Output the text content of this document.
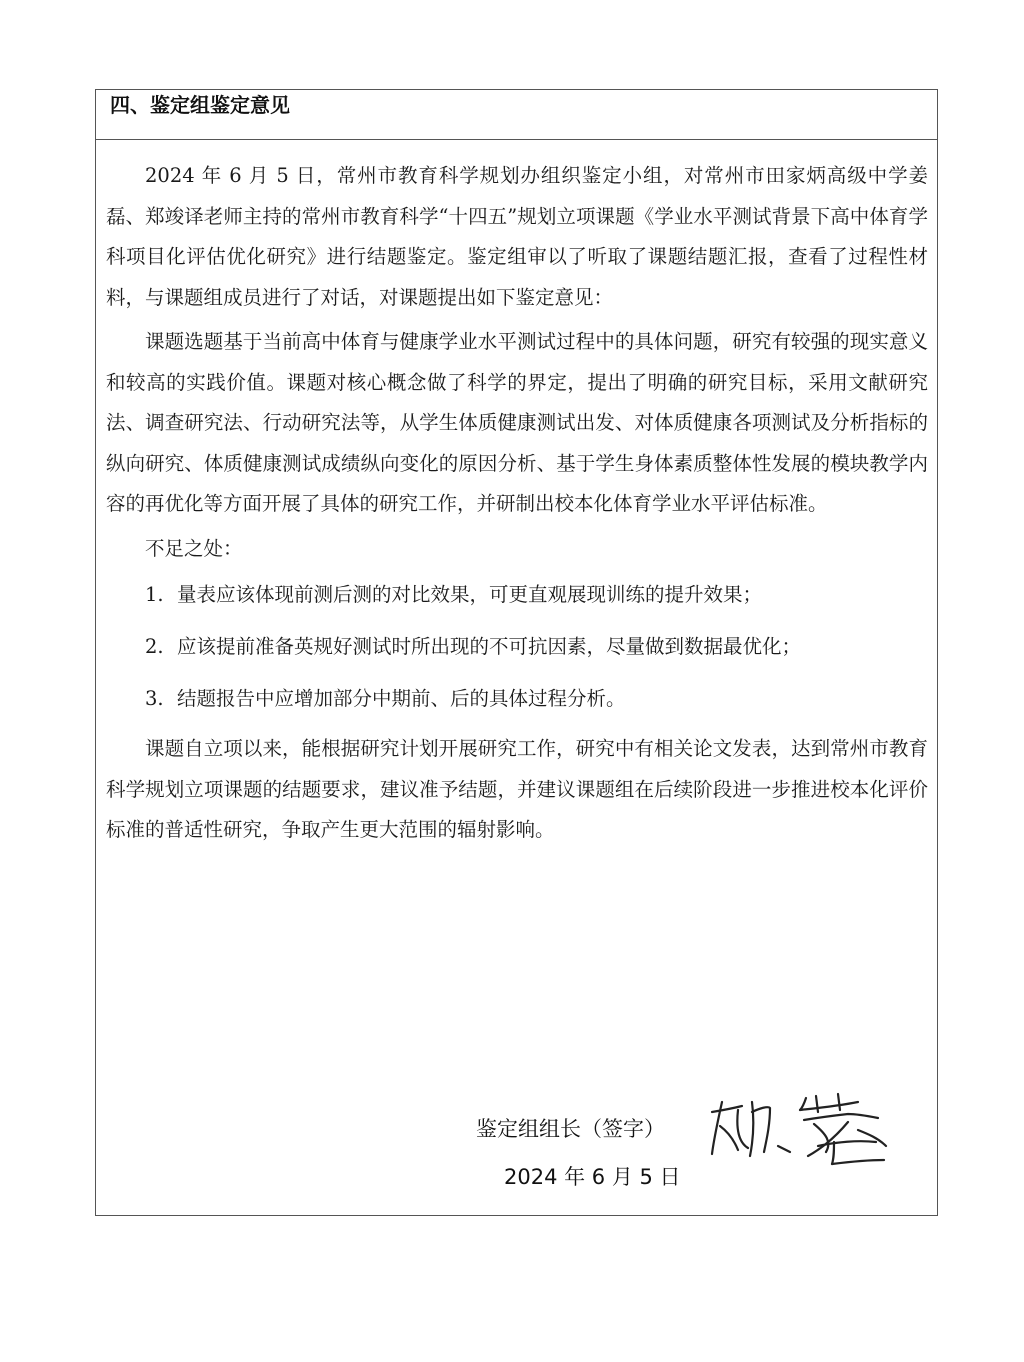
四、鉴定组鉴定意见

2024 年 6 月 5 日，常州市教育科学规划办组织鉴定小组，对常州市田家炳高级中学姜磊、郑竣译老师主持的常州市教育科学“十四五”规划立项课题《学业水平测试背景下高中体育学科项目化评估优化研究》进行结题鉴定。鉴定组审以了听取了课题结题汇报，查看了过程性材料，与课题组成员进行了对话，对课题提出如下鉴定意见：

课题选题基于当前高中体育与健康学业水平测试过程中的具体问题，研究有较强的现实意义和较高的实践价值。课题对核心概念做了科学的界定，提出了明确的研究目标，采用文献研究法、调查研究法、行动研究法等，从学生体质健康测试出发、对体质健康各项测试及分析指标的纵向研究、体质健康测试成绩纵向变化的原因分析、基于学生身体素质整体性发展的模块教学内容的再优化等方面开展了具体的研究工作，并研制出校本化体育学业水平评估标准。

不足之处：

1. 量表应该体现前测后测的对比效果，可更直观展现训练的提升效果；

2. 应该提前准备英规好测试时所出现的不可抗因素，尽量做到数据最优化；

3. 结题报告中应增加部分中期前、后的具体过程分析。

课题自立项以来，能根据研究计划开展研究工作，研究中有相关论文发表，达到常州市教育科学规划立项课题的结题要求，建议准予结题，并建议课题组在后续阶段进一步推进校本化评价标准的普适性研究，争取产生更大范围的辐射影响。

鉴定组组长（签字）
2024 年 6 月 5 日
